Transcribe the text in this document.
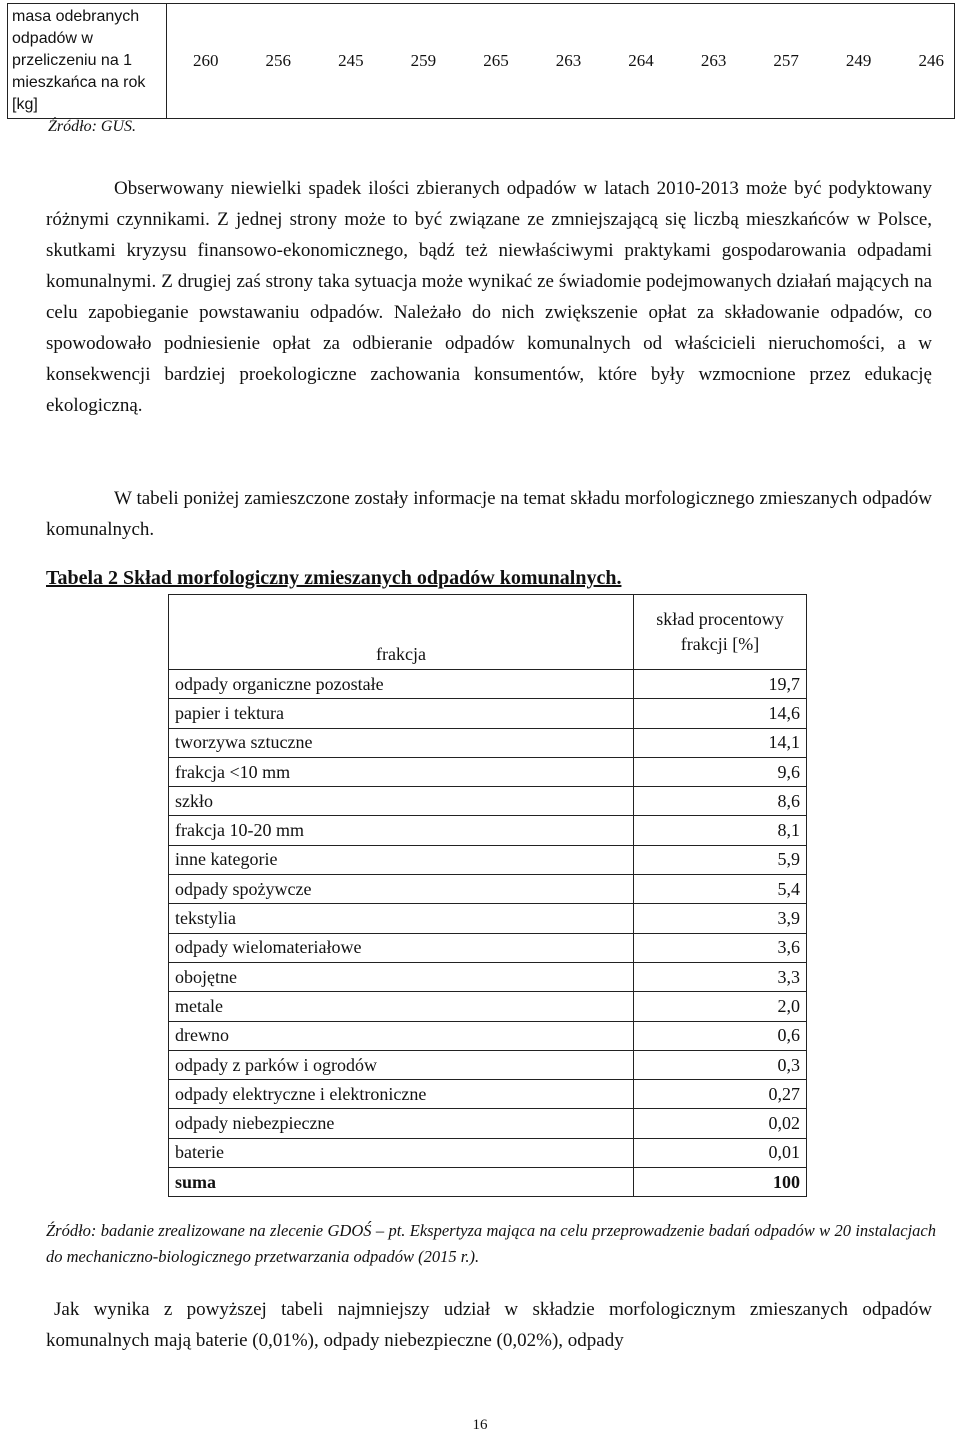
masa odebranych odpadów w przeliczeniu na 1 mieszkańca na rok [kg]

260	256	245	259	265	263	264	263	257	249	246
Źródło: GUS.
Obserwowany niewielki spadek ilości zbieranych odpadów w latach 2010-2013 może być podyktowany różnymi czynnikami. Z jednej strony może to być związane ze zmniejszającą się liczbą mieszkańców w Polsce, skutkami kryzysu finansowo-ekonomicznego, bądź też niewłaściwymi praktykami gospodarowania odpadami komunalnymi. Z drugiej zaś strony taka sytuacja może wynikać ze świadomie podejmowanych działań mających na celu zapobieganie powstawaniu odpadów. Należało do nich zwiększenie opłat za składowanie odpadów, co spowodowało podniesienie opłat za odbieranie odpadów komunalnych od właścicieli nieruchomości, a w konsekwencji bardziej proekologiczne zachowania konsumentów, które były wzmocnione przez edukację ekologiczną.
W tabeli poniżej zamieszczone zostały informacje na temat składu morfologicznego zmieszanych odpadów komunalnych.
Tabela 2 Skład morfologiczny zmieszanych odpadów komunalnych.
frakcja	skład procentowy frakcji [%]
odpady organiczne pozostałe	19,7
papier i tektura	14,6
tworzywa sztuczne	14,1
frakcja <10 mm	9,6
szkło	8,6
frakcja 10-20 mm	8,1
inne kategorie	5,9
odpady spożywcze	5,4
tekstylia	3,9
odpady wielomateriałowe	3,6
obojętne	3,3
metale	2,0
drewno	0,6
odpady z parków i ogrodów	0,3
odpady elektryczne i elektroniczne	0,27
odpady niebezpieczne	0,02
baterie	0,01
suma	100
Źródło: badanie zrealizowane na zlecenie GDOŚ – pt. Ekspertyza mająca na celu przeprowadzenie badań odpadów w 20 instalacjach do mechaniczno-biologicznego przetwarzania odpadów (2015 r.).
Jak wynika z powyższej tabeli najmniejszy udział w składzie morfologicznym zmieszanych odpadów komunalnych mają baterie (0,01%), odpady niebezpieczne (0,02%), odpady
16
